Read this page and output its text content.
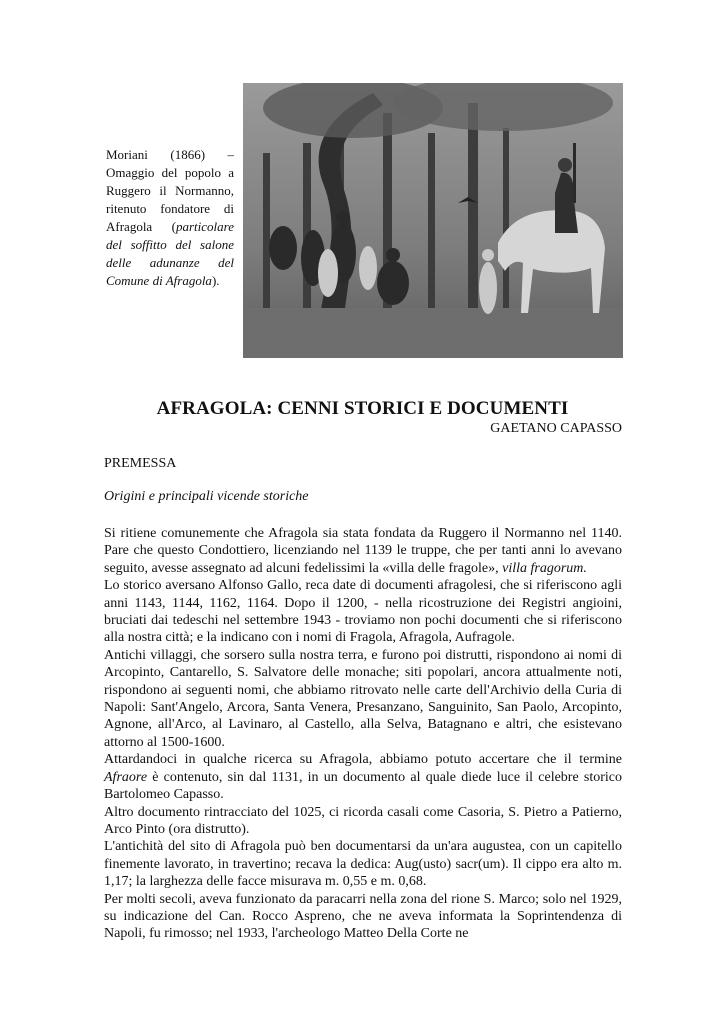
Moriani (1866) – Omaggio del popolo a Ruggero il Normanno, ritenuto fondatore di Afragola (particolare del soffitto del salone delle adunanze del Comune di Afragola).
AFRAGOLA: CENNI STORICI E DOCUMENTI
GAETANO CAPASSO
PREMESSA
Origini e principali vicende storiche

Si ritiene comunemente che Afragola sia stata fondata da Ruggero il Normanno nel 1140. Pare che questo Condottiero, licenziando nel 1139 le truppe, che per tanti anni lo avevano seguito, avesse assegnato ad alcuni fedelissimi la «villa delle fragole», villa fragorum.

Lo storico aversano Alfonso Gallo, reca date di documenti afragolesi, che si riferiscono agli anni 1143, 1144, 1162, 1164. Dopo il 1200, - nella ricostruzione dei Registri angioini, bruciati dai tedeschi nel settembre 1943 - troviamo non pochi documenti che si riferiscono alla nostra città; e la indicano con i nomi di Fragola, Afragola, Aufragole.

Antichi villaggi, che sorsero sulla nostra terra, e furono poi distrutti, rispondono ai nomi di Arcopinto, Cantarello, S. Salvatore delle monache; siti popolari, ancora attualmente noti, rispondono ai seguenti nomi, che abbiamo ritrovato nelle carte dell'Archivio della Curia di Napoli: Sant'Angelo, Arcora, Santa Venera, Presanzano, Sanguinito, San Paolo, Arcopinto, Agnone, all'Arco, al Lavinaro, al Castello, alla Selva, Batagnano e altri, che esistevano attorno al 1500-1600.

Attardandoci in qualche ricerca su Afragola, abbiamo potuto accertare che il termine Afraore è contenuto, sin dal 1131, in un documento al quale diede luce il celebre storico Bartolomeo Capasso.

Altro documento rintracciato del 1025, ci ricorda casali come Casoria, S. Pietro a Patierno, Arco Pinto (ora distrutto).

L'antichità del sito di Afragola può ben documentarsi da un'ara augustea, con un capitello finemente lavorato, in travertino; recava la dedica: Aug(usto) sacr(um). Il cippo era alto m. 1,17; la larghezza delle facce misurava m. 0,55 e m. 0,68.

Per molti secoli, aveva funzionato da paracarri nella zona del rione S. Marco; solo nel 1929, su indicazione del Can. Rocco Aspreno, che ne aveva informata la Soprintendenza di Napoli, fu rimosso; nel 1933, l'archeologo Matteo Della Corte ne
